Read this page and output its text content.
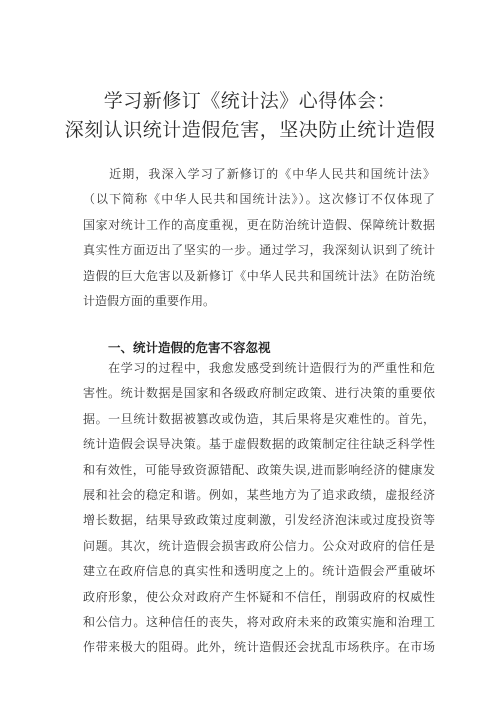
学习新修订《统计法》心得体会：
深刻认识统计造假危害，坚决防止统计造假
　　近期，我深入学习了新修订的《中华人民共和国统计法》
（以下简称《中华人民共和国统计法》）。这次修订不仅体现了
国家对统计工作的高度重视，更在防治统计造假、保障统计数据
真实性方面迈出了坚实的一步。通过学习，我深刻认识到了统计
造假的巨大危害以及新修订《中华人民共和国统计法》在防治统
计造假方面的重要作用。
一、统计造假的危害不容忽视
　　在学习的过程中，我愈发感受到统计造假行为的严重性和危
害性。统计数据是国家和各级政府制定政策、进行决策的重要依
据。一旦统计数据被篡改或伪造，其后果将是灾难性的。首先，
统计造假会误导决策。基于虚假数据的政策制定往往缺乏科学性
和有效性，可能导致资源错配、政策失误,进而影响经济的健康发
展和社会的稳定和谐。例如，某些地方为了追求政绩，虚报经济
增长数据，结果导致政策过度刺激，引发经济泡沫或过度投资等
问题。其次，统计造假会损害政府公信力。公众对政府的信任是
建立在政府信息的真实性和透明度之上的。统计造假会严重破坏
政府形象，使公众对政府产生怀疑和不信任，削弱政府的权威性
和公信力。这种信任的丧失，将对政府未来的政策实施和治理工
作带来极大的阻碍。此外，统计造假还会扰乱市场秩序。在市场
